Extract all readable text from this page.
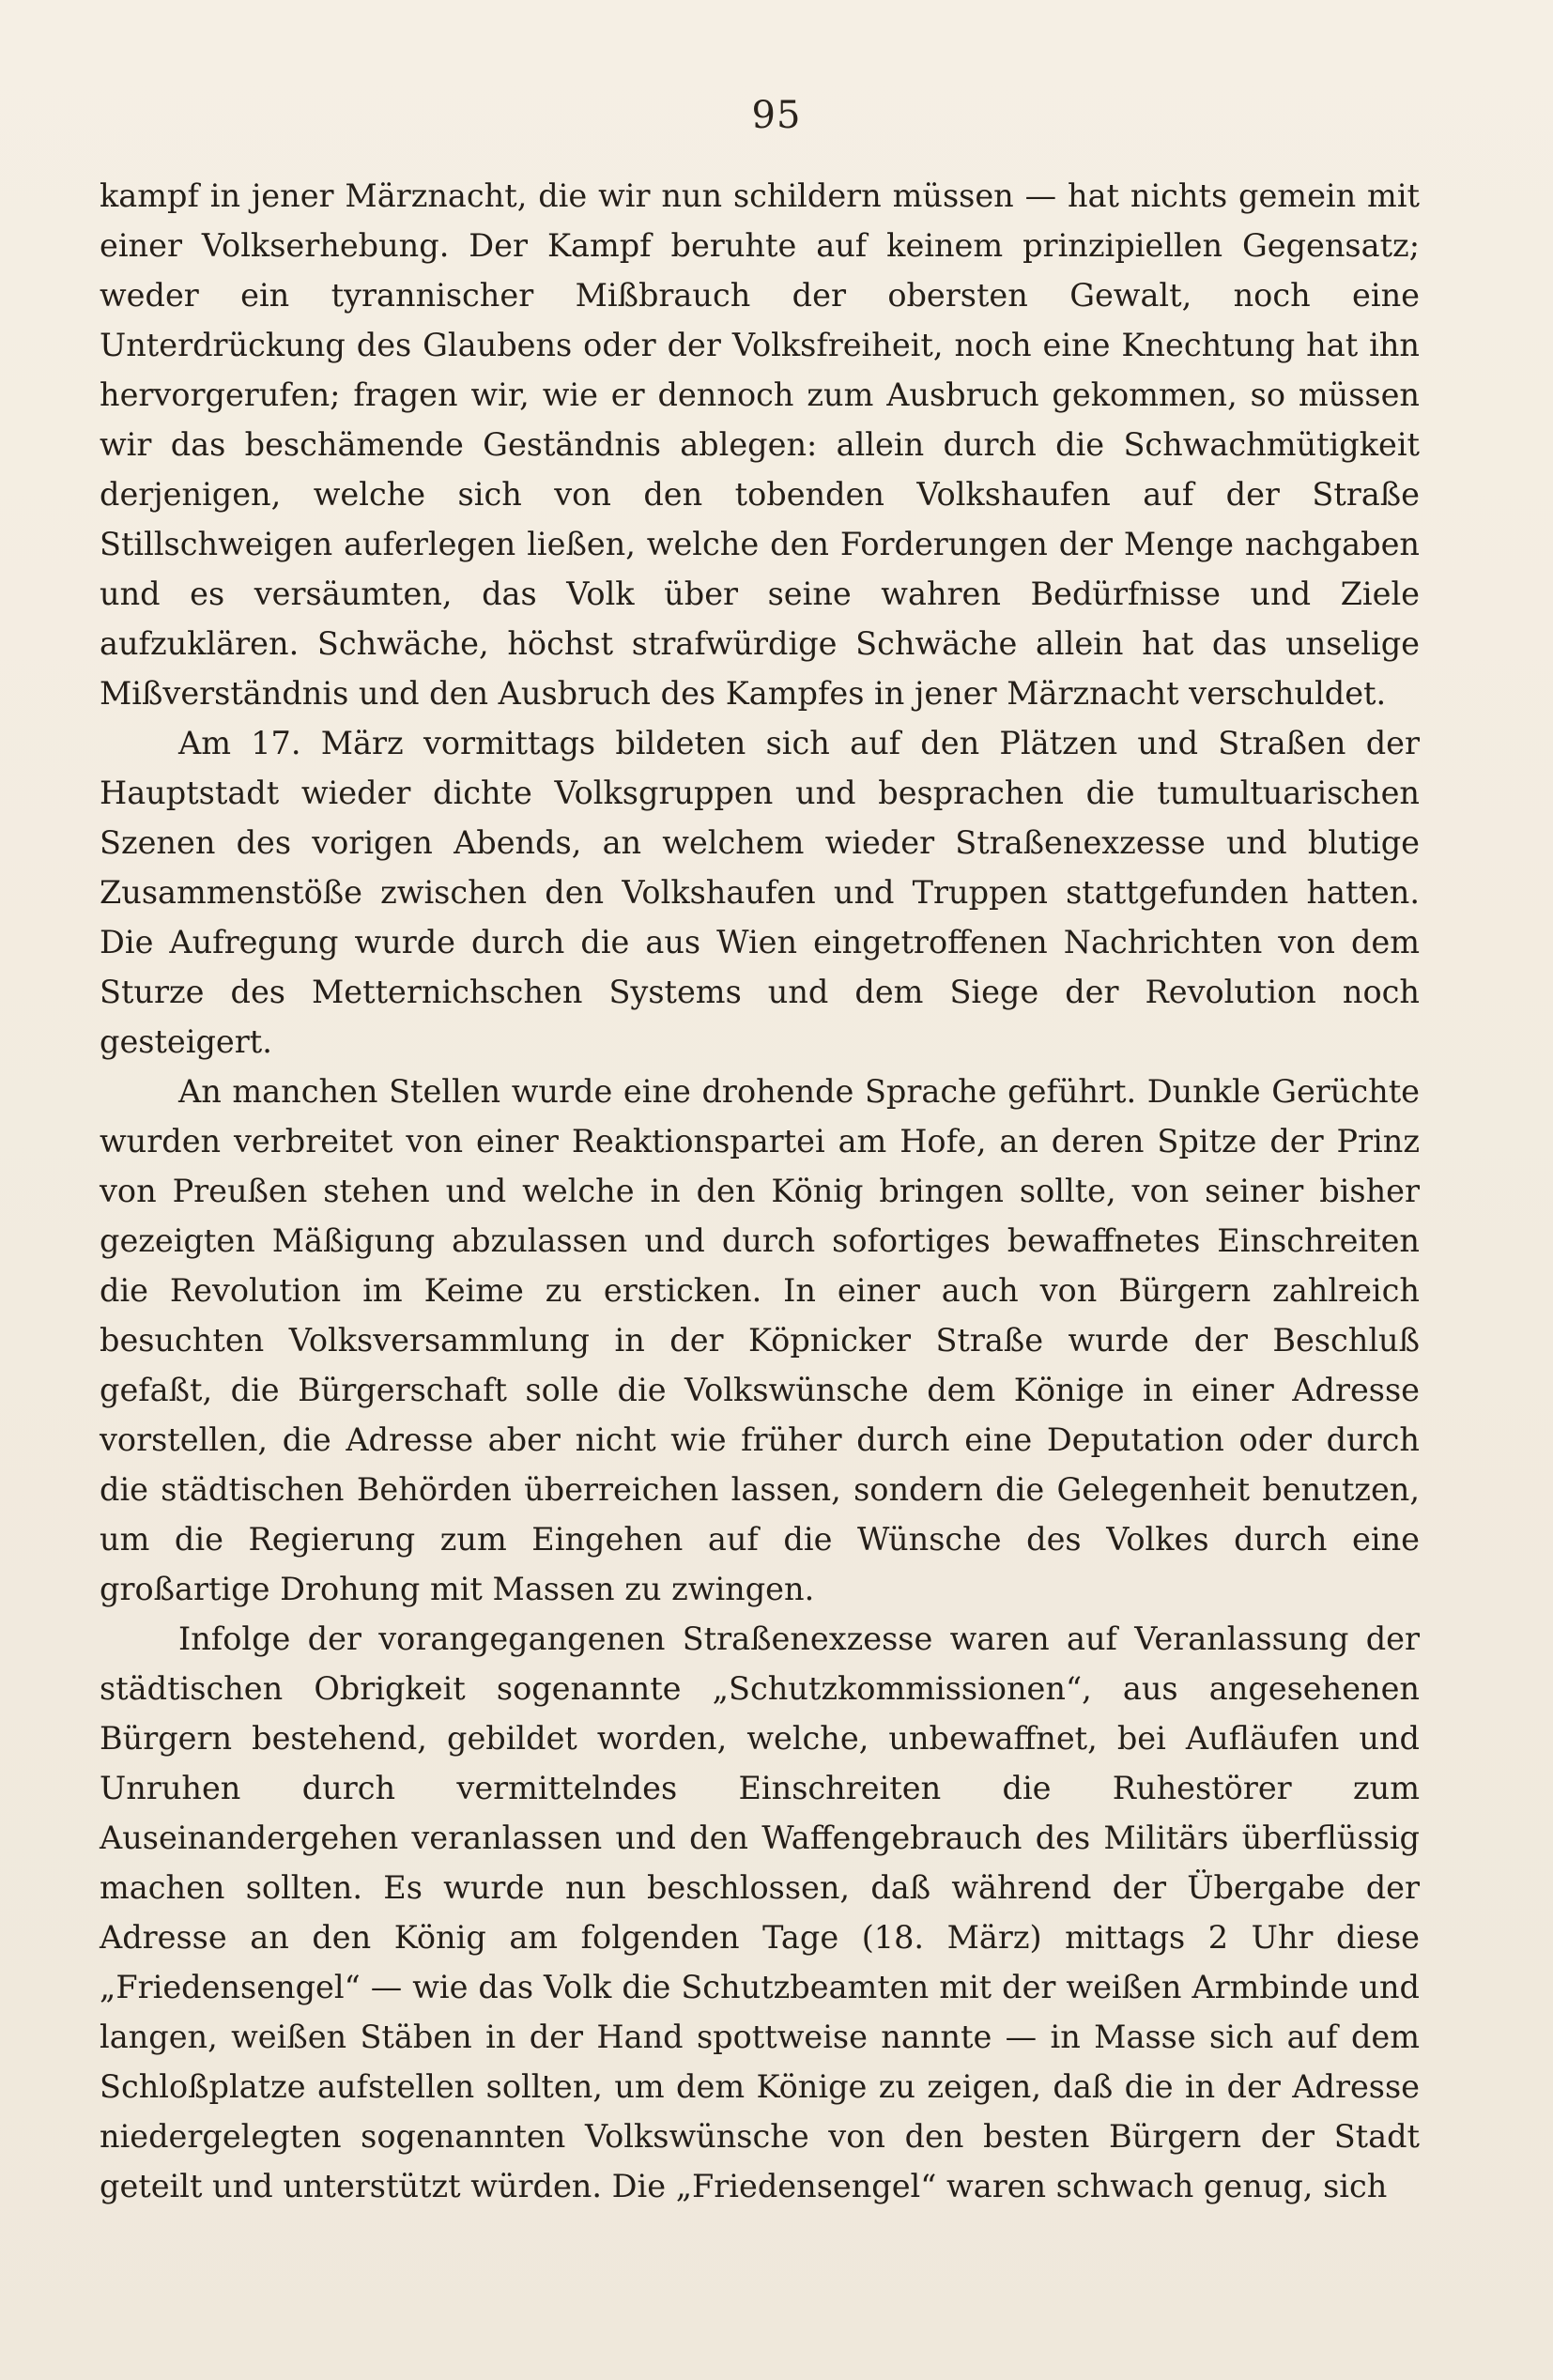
95

kampf in jener Märznacht, die wir nun schildern müssen — hat nichts gemein mit einer Volkserhebung. Der Kampf beruhte auf keinem prinzipiellen Gegensatz; weder ein tyrannischer Mißbrauch der obersten Gewalt, noch eine Unterdrückung des Glaubens oder der Volksfreiheit, noch eine Knechtung hat ihn hervorgerufen; fragen wir, wie er dennoch zum Ausbruch gekommen, so müssen wir das beschämende Geständnis ablegen: allein durch die Schwachmütigkeit derjenigen, welche sich von den tobenden Volkshaufen auf der Straße Stillschweigen auferlegen ließen, welche den Forderungen der Menge nachgaben und es versäumten, das Volk über seine wahren Bedürfnisse und Ziele aufzuklären. Schwäche, höchst strafwürdige Schwäche allein hat das unselige Mißverständnis und den Ausbruch des Kampfes in jener Märznacht verschuldet.

Am 17. März vormittags bildeten sich auf den Plätzen und Straßen der Hauptstadt wieder dichte Volksgruppen und besprachen die tumultuarischen Szenen des vorigen Abends, an welchem wieder Straßenexzesse und blutige Zusammenstöße zwischen den Volkshaufen und Truppen stattgefunden hatten. Die Aufregung wurde durch die aus Wien eingetroffenen Nachrichten von dem Sturze des Metternichschen Systems und dem Siege der Revolution noch gesteigert.

An manchen Stellen wurde eine drohende Sprache geführt. Dunkle Gerüchte wurden verbreitet von einer Reaktionspartei am Hofe, an deren Spitze der Prinz von Preußen stehen und welche in den König bringen sollte, von seiner bisher gezeigten Mäßigung abzulassen und durch sofortiges bewaffnetes Einschreiten die Revolution im Keime zu ersticken. In einer auch von Bürgern zahlreich besuchten Volksversammlung in der Köpnicker Straße wurde der Beschluß gefaßt, die Bürgerschaft solle die Volkswünsche dem Könige in einer Adresse vorstellen, die Adresse aber nicht wie früher durch eine Deputation oder durch die städtischen Behörden überreichen lassen, sondern die Gelegenheit benutzen, um die Regierung zum Eingehen auf die Wünsche des Volkes durch eine großartige Drohung mit Massen zu zwingen.

Infolge der vorangegangenen Straßenexzesse waren auf Veranlassung der städtischen Obrigkeit sogenannte „Schutzkommissionen“, aus angesehenen Bürgern bestehend, gebildet worden, welche, unbewaffnet, bei Aufläufen und Unruhen durch vermittelndes Einschreiten die Ruhestörer zum Auseinandergehen veranlassen und den Waffengebrauch des Militärs überflüssig machen sollten. Es wurde nun beschlossen, daß während der Übergabe der Adresse an den König am folgenden Tage (18. März) mittags 2 Uhr diese „Friedensengel“ — wie das Volk die Schutzbeamten mit der weißen Armbinde und langen, weißen Stäben in der Hand spottweise nannte — in Masse sich auf dem Schloßplatze aufstellen sollten, um dem Könige zu zeigen, daß die in der Adresse niedergelegten sogenannten Volkswünsche von den besten Bürgern der Stadt geteilt und unterstützt würden. Die „Friedensengel“ waren schwach genug, sich
